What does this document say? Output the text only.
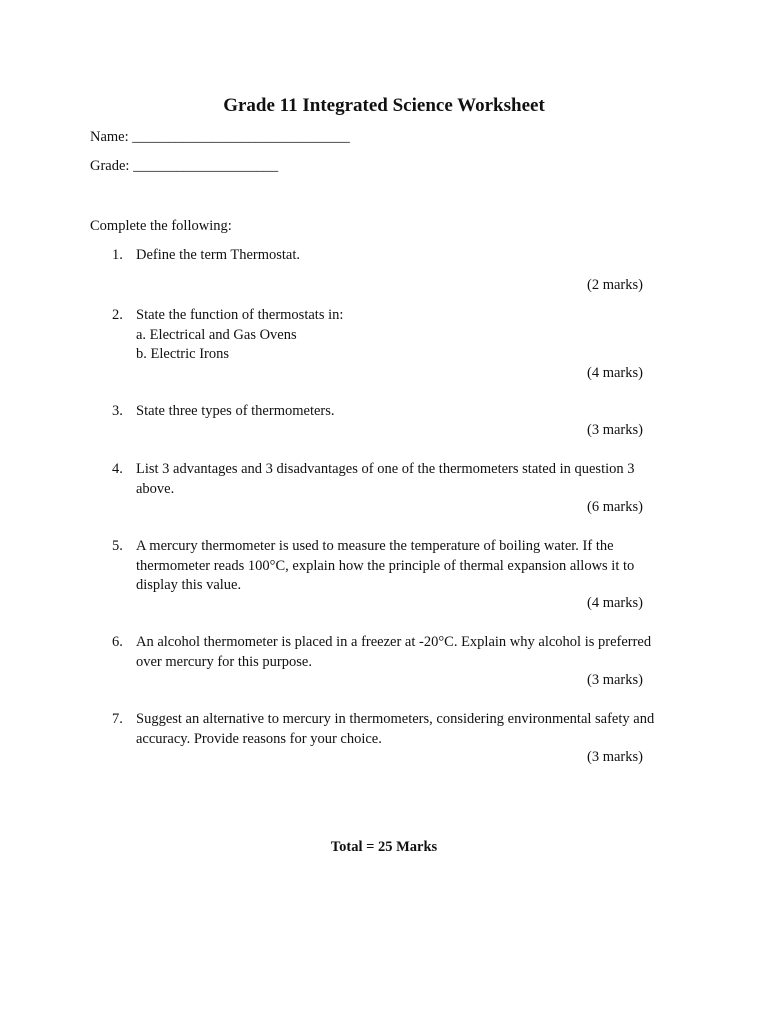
Grade 11 Integrated Science Worksheet
Name: ______________________________
Grade: ____________________
Complete the following:
1. Define the term Thermostat.
(2 marks)
2. State the function of thermostats in:
a. Electrical and Gas Ovens
b. Electric Irons
(4 marks)
3. State three types of thermometers.
(3 marks)
4. List 3 advantages and 3 disadvantages of one of the thermometers stated in question 3
above.
(6 marks)
5. A mercury thermometer is used to measure the temperature of boiling water. If the
thermometer reads 100°C, explain how the principle of thermal expansion allows it to
display this value.
(4 marks)
6. An alcohol thermometer is placed in a freezer at -20°C. Explain why alcohol is preferred
over mercury for this purpose.
(3 marks)
7. Suggest an alternative to mercury in thermometers, considering environmental safety and
accuracy. Provide reasons for your choice.
(3 marks)
Total = 25 Marks
